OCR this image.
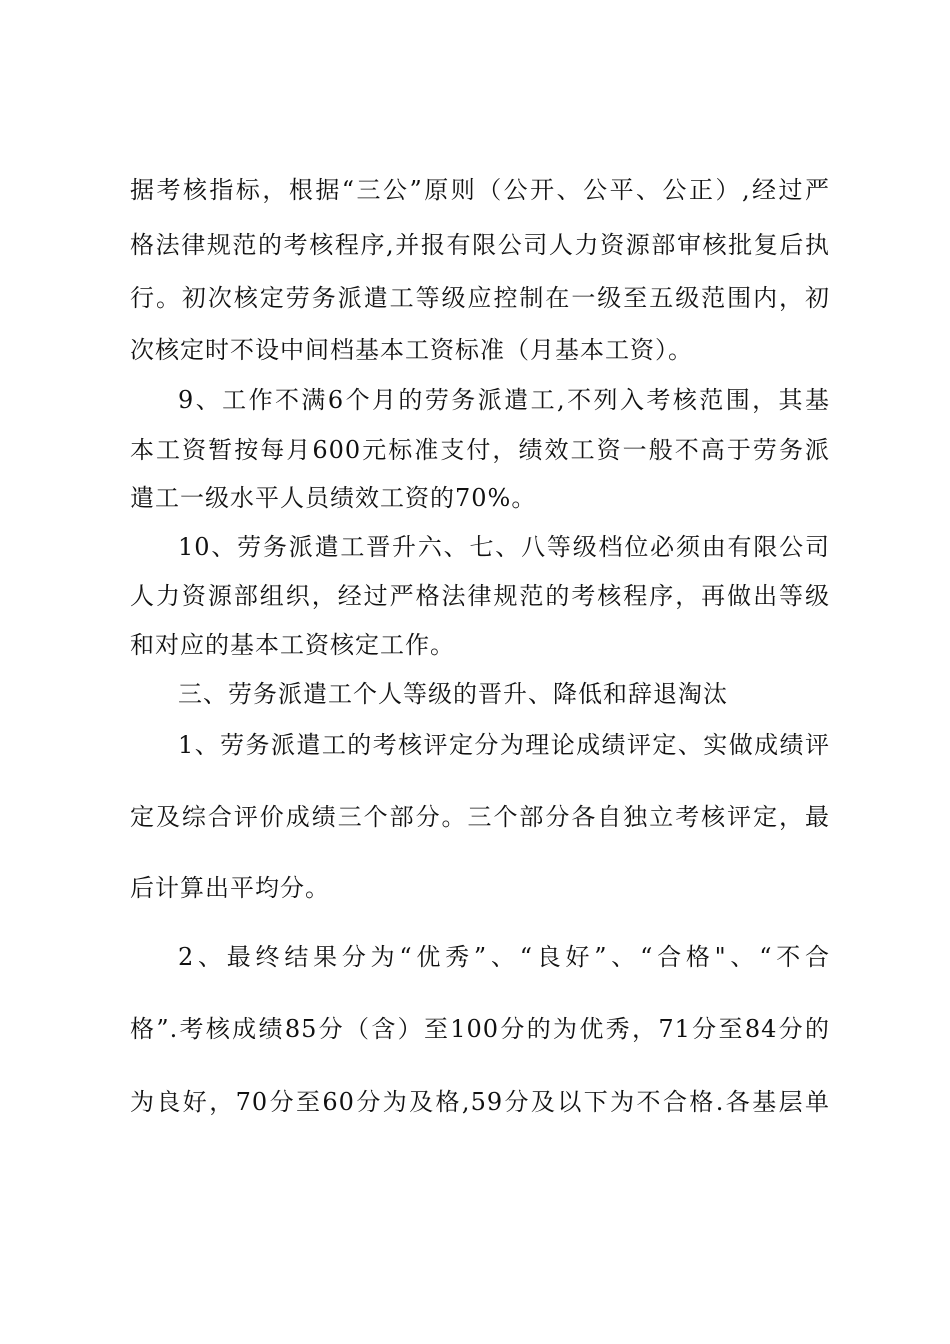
据考核指标，根据“三公”原则（公开、公平、公正）,经过严
格法律规范的考核程序,并报有限公司人力资源部审核批复后执
行。初次核定劳务派遣工等级应控制在一级至五级范围内，初
次核定时不设中间档基本工资标准（月基本工资）。
9、工作不满6个月的劳务派遣工,不列入考核范围，其基
本工资暂按每月600元标准支付，绩效工资一般不高于劳务派
遣工一级水平人员绩效工资的70%。
10、劳务派遣工晋升六、七、八等级档位必须由有限公司
人力资源部组织，经过严格法律规范的考核程序，再做出等级
和对应的基本工资核定工作。
三、劳务派遣工个人等级的晋升、降低和辞退淘汰
1、劳务派遣工的考核评定分为理论成绩评定、实做成绩评
定及综合评价成绩三个部分。三个部分各自独立考核评定，最
后计算出平均分。
2、最终结果分为“优秀”、“良好”、“合格"、“不合
格”.考核成绩85分（含）至100分的为优秀，71分至84分的
为良好，70分至60分为及格,59分及以下为不合格.各基层单
